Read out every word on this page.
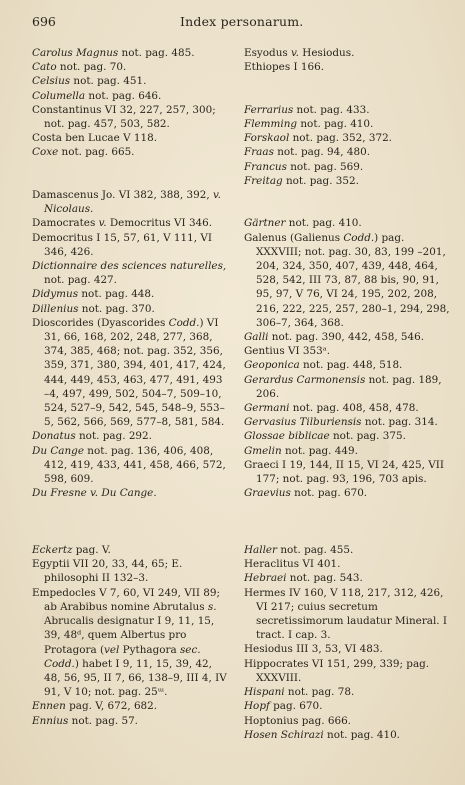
696	Index personarum.
Carolus Magnus not. pag. 485.
Cato not. pag. 70.
Celsius not. pag. 451.
Columella not. pag. 646.
Constantinus VI 32, 227, 257, 300; not. pag. 457, 503, 582.
Costa ben Lucae V 118.
Coxe not. pag. 665.
Damascenus Jo. VI 382, 388, 392, v. Nicolaus.
Damocrates v. Democritus VI 346.
Democritus I 15, 57, 61, V 111, VI 346, 426.
Dictionnaire des sciences naturelles, not. pag. 427.
Didymus not. pag. 448.
Dillenius not. pag. 370.
Dioscorides (Dyascorides Codd.) VI 31, 66, 168, 202, 248, 277, 368, 374, 385, 468; not. pag. 352, 356, 359, 371, 380, 394, 401, 417, 424, 444, 449, 453, 463, 477, 491, 493 –4, 497, 499, 502, 504–7, 509–10, 524, 527–9, 542, 545, 548–9, 553–5, 562, 566, 569, 577–8, 581, 584.
Donatus not. pag. 292.
Du Cange not. pag. 136, 406, 408, 412, 419, 433, 441, 458, 466, 572, 598, 609.
Du Fresne v. Du Cange.
Eckertz pag. V.
Egyptii VII 20, 33, 44, 65; E. philosophi II 132–3.
Empedocles V 7, 60, VI 249, VII 89; ab Arabibus nomine Abrutalus s. Abrucalis designatur I 9, 11, 15, 39, 48ᵈ, quem Albertus pro Protagora (vel Pythagora sec. Codd.) habet I 9, 11, 15, 39, 42, 48, 56, 95, II 7, 66, 138–9, III 4, IV 91, V 10; not. pag. 25ᵚ.
Ennen pag. V, 672, 682.
Ennius not. pag. 57.
Esyodus v. Hesiodus.
Ethiopes I 166.
Ferrarius not. pag. 433.
Flemming not. pag. 410.
Forskaol not. pag. 352, 372.
Fraas not. pag. 94, 480.
Francus not. pag. 569.
Freitag not. pag. 352.
Gärtner not. pag. 410.
Galenus (Galienus Codd.) pag. XXXVIII; not. pag. 30, 83, 199 –201, 204, 324, 350, 407, 439, 448, 464, 528, 542, III 73, 87, 88 bis, 90, 91, 95, 97, V 76, VI 24, 195, 202, 208, 216, 222, 225, 257, 280–1, 294, 298, 306–7, 364, 368.
Galli not. pag. 390, 442, 458, 546.
Gentius VI 353ᵃ.
Geoponica not. pag. 448, 518.
Gerardus Carmonensis not. pag. 189, 206.
Germani not. pag. 408, 458, 478.
Gervasius Tilburiensis not. pag. 314.
Glossae biblicae not. pag. 375.
Gmelin not. pag. 449.
Graeci I 19, 144, II 15, VI 24, 425, VII 177; not. pag. 93, 196, 703 apis.
Graevius not. pag. 670.
Haller not. pag. 455.
Heraclitus VI 401.
Hebraei not. pag. 543.
Hermes IV 160, V 118, 217, 312, 426, VI 217; cuius secretum secretissimorum laudatur Mineral. I tract. I cap. 3.
Hesiodus III 3, 53, VI 483.
Hippocrates VI 151, 299, 339; pag. XXXVIII.
Hispani not. pag. 78.
Hopf pag. 670.
Hoptonius pag. 666.
Hosen Schirazi not. pag. 410.
